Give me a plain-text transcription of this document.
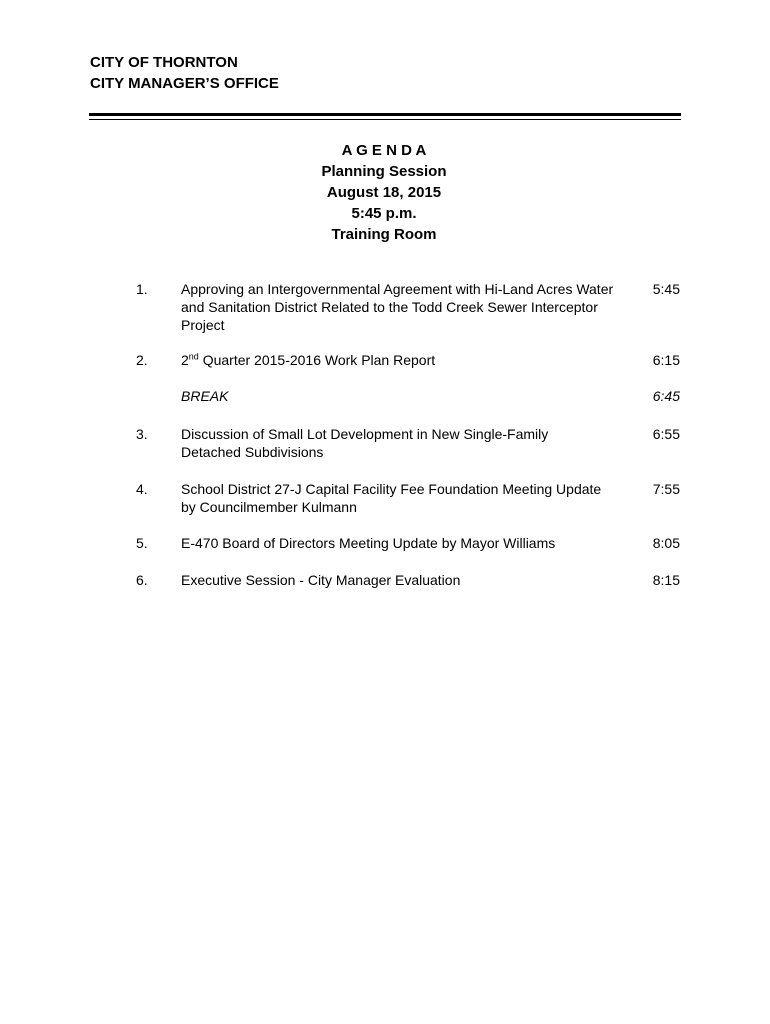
CITY OF THORNTON
CITY MANAGER’S OFFICE
A G E N D A
Planning Session
August 18, 2015
5:45 p.m.
Training Room
1. Approving an Intergovernmental Agreement with Hi-Land Acres Water
and Sanitation District Related to the Todd Creek Sewer Interceptor
Project
5:45
2. 2nd Quarter 2015-2016 Work Plan Report	6:15
BREAK	6:45
3. Discussion of Small Lot Development in New Single-Family
Detached Subdivisions
6:55
4. School District 27-J Capital Facility Fee Foundation Meeting Update
by Councilmember Kulmann
7:55
5. E-470 Board of Directors Meeting Update by Mayor Williams	8:05
6. Executive Session - City Manager Evaluation	8:15
